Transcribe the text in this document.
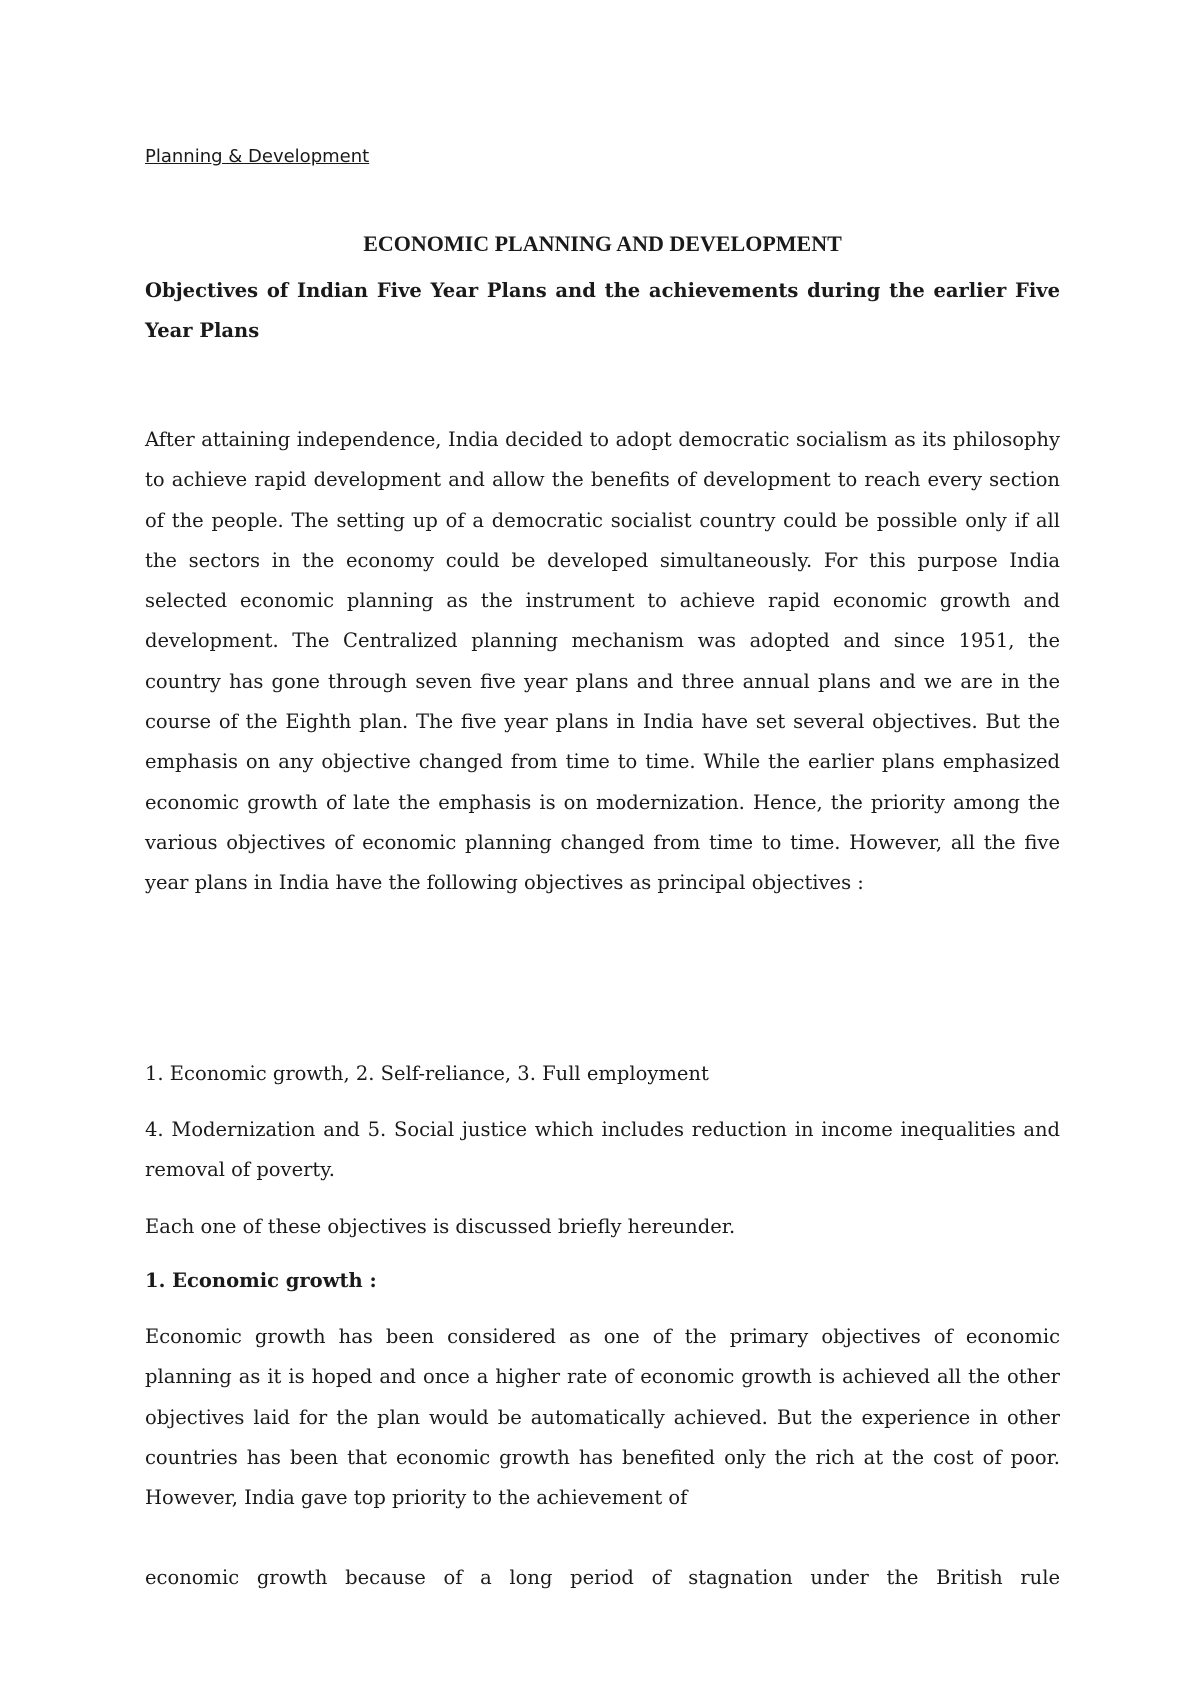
Planning & Development

ECONOMIC PLANNING AND DEVELOPMENT

Objectives of Indian Five Year Plans and the achievements during the earlier Five Year Plans

After attaining independence, India decided to adopt democratic socialism as its philosophy to achieve rapid development and allow the benefits of development to reach every section of the people. The setting up of a democratic socialist country could be possible only if all the sectors in the economy could be developed simultaneously. For this purpose India selected economic planning as the instrument to achieve rapid economic growth and development. The Centralized planning mechanism was adopted and since 1951, the country has gone through seven five year plans and three annual plans and we are in the course of the Eighth plan. The five year plans in India have set several objectives. But the emphasis on any objective changed from time to time. While the earlier plans emphasized economic growth of late the emphasis is on modernization. Hence, the priority among the various objectives of economic planning changed from time to time. However, all the five year plans in India have the following objectives as principal objectives :

1. Economic growth, 2. Self-reliance, 3. Full employment

4. Modernization and 5. Social justice which includes reduction in income inequalities and removal of poverty.

Each one of these objectives is discussed briefly hereunder.

1. Economic growth :

Economic growth has been considered as one of the primary objectives of economic planning as it is hoped and once a higher rate of economic growth is achieved all the other objectives laid for the plan would be automatically achieved. But the experience in other countries has been that economic growth has benefited only the rich at the cost of poor. However, India gave top priority to the achievement of

economic growth because of a long period of stagnation under the British rule
